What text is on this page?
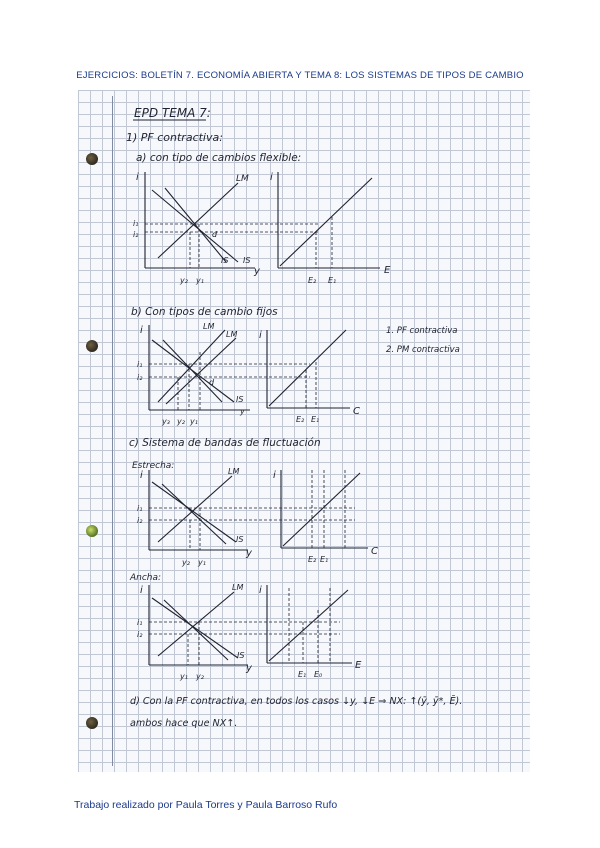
EJERCICIOS: BOLETÍN 7. ECONOMÍA ABIERTA Y TEMA 8: LOS SISTEMAS DE TIPOS DE CAMBIO
EPD TEMA 7:
1) PF contractiva:
a) con tipo de cambios flexible:
i
y
LM
IS
IS
d
i₁
i₂
y₂ y₁
i
E
E₂ E₁
b) Con tipos de cambio fijos
i	LM
LM
IS
d
i₁
i₂
y
y₃ y₂ y₁
i
C
E₂ E₁
1. PF contractiva
2. PM contractiva
c) Sistema de bandas de fluctuación
Estrecha:
i
y
LM
IS
i₁
i₂
y₂ y₁
i
C
E₂ E₁
Ancha:
i
y
LM
IS
i₁
i₂
y₁ y₂
i
E
E₁ E₀
d) Con la PF contractiva, en todos los casos ↓y, ↓E ⇒ NX: ↑(ȳ, ȳ*, Ē).
ambos hace que NX↑.
Trabajo realizado por Paula Torres y Paula Barroso Rufo
